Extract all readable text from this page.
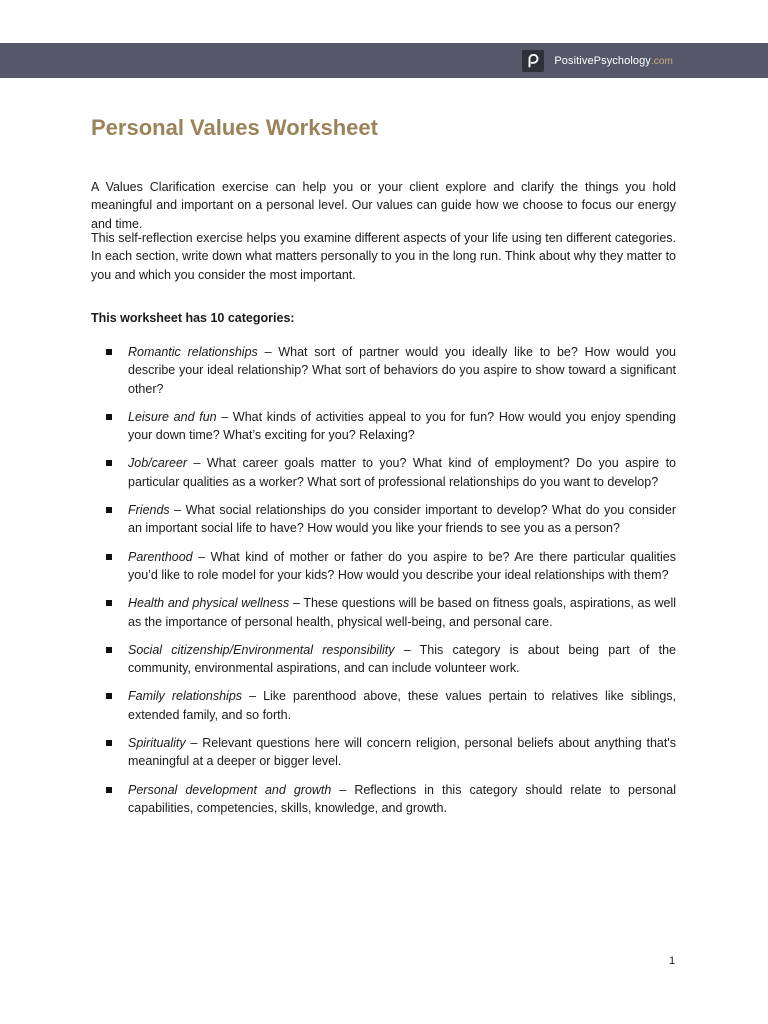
PositivePsychology.com
Personal Values Worksheet

A Values Clarification exercise can help you or your client explore and clarify the things you hold meaningful and important on a personal level. Our values can guide how we choose to focus our energy and time.

This self-reflection exercise helps you examine different aspects of your life using ten different categories. In each section, write down what matters personally to you in the long run. Think about why they matter to you and which you consider the most important.

This worksheet has 10 categories:

Romantic relationships – What sort of partner would you ideally like to be? How would you describe your ideal relationship? What sort of behaviors do you aspire to show toward a significant other?
Leisure and fun – What kinds of activities appeal to you for fun? How would you enjoy spending your down time? What’s exciting for you? Relaxing?
Job/career – What career goals matter to you? What kind of employment? Do you aspire to particular qualities as a worker? What sort of professional relationships do you want to develop?
Friends – What social relationships do you consider important to develop? What do you consider an important social life to have? How would you like your friends to see you as a person?
Parenthood – What kind of mother or father do you aspire to be? Are there particular qualities you’d like to role model for your kids? How would you describe your ideal relationships with them?
Health and physical wellness – These questions will be based on fitness goals, aspirations, as well as the importance of personal health, physical well-being, and personal care.
Social citizenship/Environmental responsibility – This category is about being part of the community, environmental aspirations, and can include volunteer work.
Family relationships – Like parenthood above, these values pertain to relatives like siblings, extended family, and so forth.
Spirituality – Relevant questions here will concern religion, personal beliefs about anything that's meaningful at a deeper or bigger level.
Personal development and growth – Reflections in this category should relate to personal capabilities, competencies, skills, knowledge, and growth.
1
